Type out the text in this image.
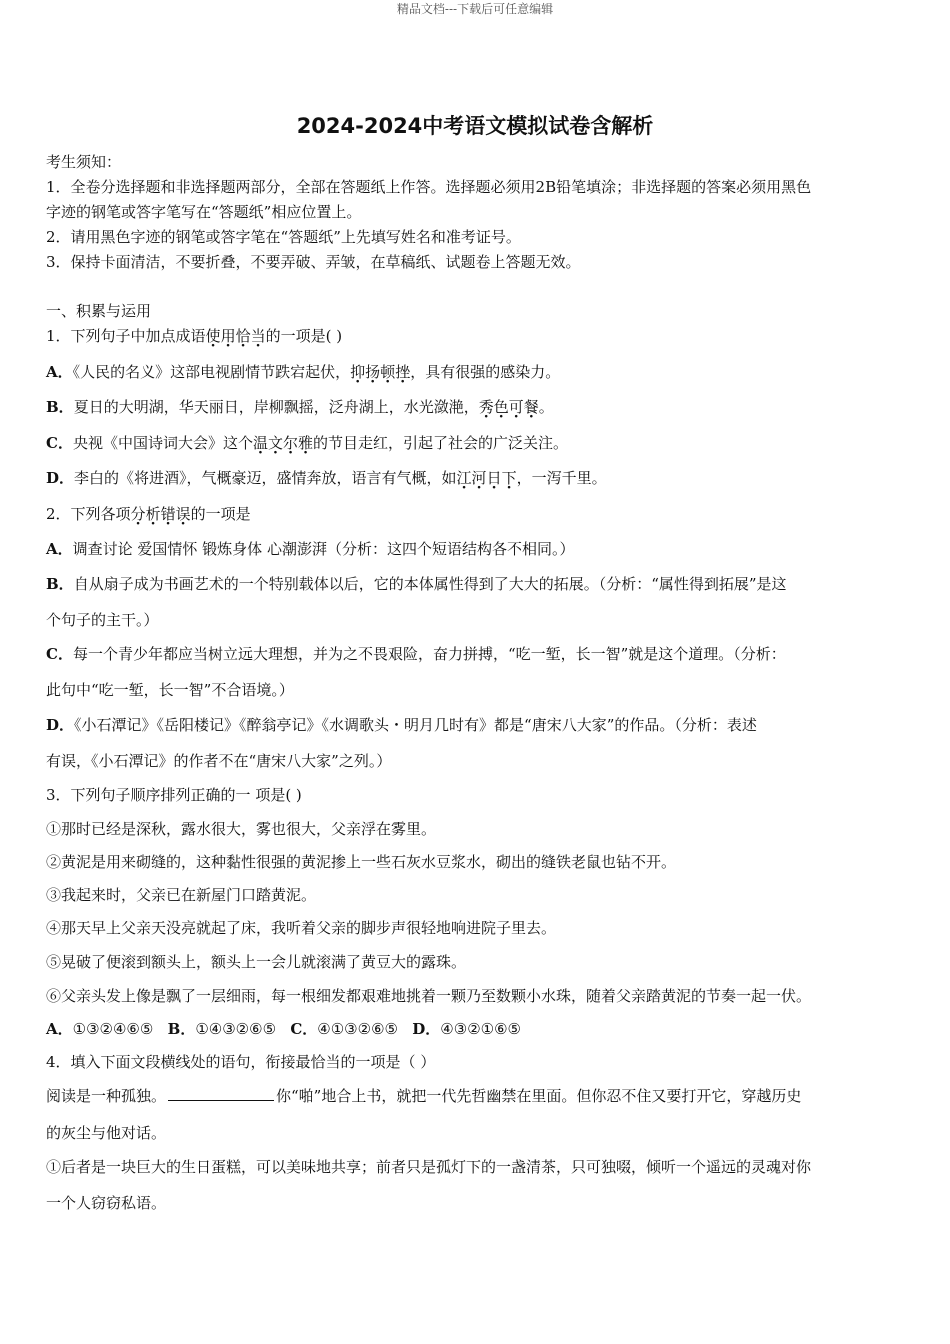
精品文档---下载后可任意编辑
2024-2024中考语文模拟试卷含解析
考生须知：
1．全卷分选择题和非选择题两部分，全部在答题纸上作答。选择题必须用2B铅笔填涂；非选择题的答案必须用黑色
字迹的钢笔或答字笔写在“答题纸”相应位置上。
2．请用黑色字迹的钢笔或答字笔在“答题纸”上先填写姓名和准考证号。
3．保持卡面清洁，不要折叠，不要弄破、弄皱，在草稿纸、试题卷上答题无效。
一、积累与运用
1．下列句子中加点成语使用恰当的一项是( )
A．《人民的名义》这部电视剧情节跌宕起伏，抑扬顿挫，具有很强的感染力。
B．夏日的大明湖，华天丽日，岸柳飘摇，泛舟湖上，水光潋滟，秀色可餐。
C．央视《中国诗词大会》这个温文尔雅的节目走红，引起了社会的广泛关注。
D．李白的《将进酒》，气概豪迈，盛情奔放，语言有气概，如江河日下，一泻千里。
2．下列各项分析错误的一项是
A．调查讨论 爱国情怀 锻炼身体 心潮澎湃（分析：这四个短语结构各不相同。）
B．自从扇子成为书画艺术的一个特别载体以后，它的本体属性得到了大大的拓展。（分析：“属性得到拓展”是这
个句子的主干。）
C．每一个青少年都应当树立远大理想，并为之不畏艰险，奋力拼搏，“吃一堑，长一智”就是这个道理。（分析：
此句中“吃一堑，长一智”不合语境。）
D．《小石潭记》《岳阳楼记》《醉翁亭记》《水调歌头・明月几时有》都是“唐宋八大家”的作品。（分析：表述
有误，《小石潭记》的作者不在“唐宋八大家”之列。）
3．下列句子顺序排列正确的一 项是( )
①那时已经是深秋，露水很大，雾也很大，父亲浮在雾里。
②黄泥是用来砌缝的，这种黏性很强的黄泥掺上一些石灰水豆浆水，砌出的缝铁老鼠也钻不开。
③我起来时，父亲已在新屋门口踏黄泥。
④那天早上父亲天没亮就起了床，我听着父亲的脚步声很轻地响进院子里去。
⑤晃破了便滚到额头上，额头上一会儿就滚满了黄豆大的露珠。
⑥父亲头发上像是飘了一层细雨，每一根细发都艰难地挑着一颗乃至数颗小水珠，随着父亲踏黄泥的节奏一起一伏。
A．①③②④⑥⑤ B．①④③②⑥⑤ C．④①③②⑥⑤ D．④③②①⑥⑤
4．填入下面文段横线处的语句，衔接最恰当的一项是（ ）
阅读是一种孤独。	你“啪”地合上书，就把一代先哲幽禁在里面。但你忍不住又要打开它，穿越历史
的灰尘与他对话。
①后者是一块巨大的生日蛋糕，可以美味地共享；前者只是孤灯下的一盏清茶，只可独啜，倾听一个遥远的灵魂对你
一个人窃窃私语。
